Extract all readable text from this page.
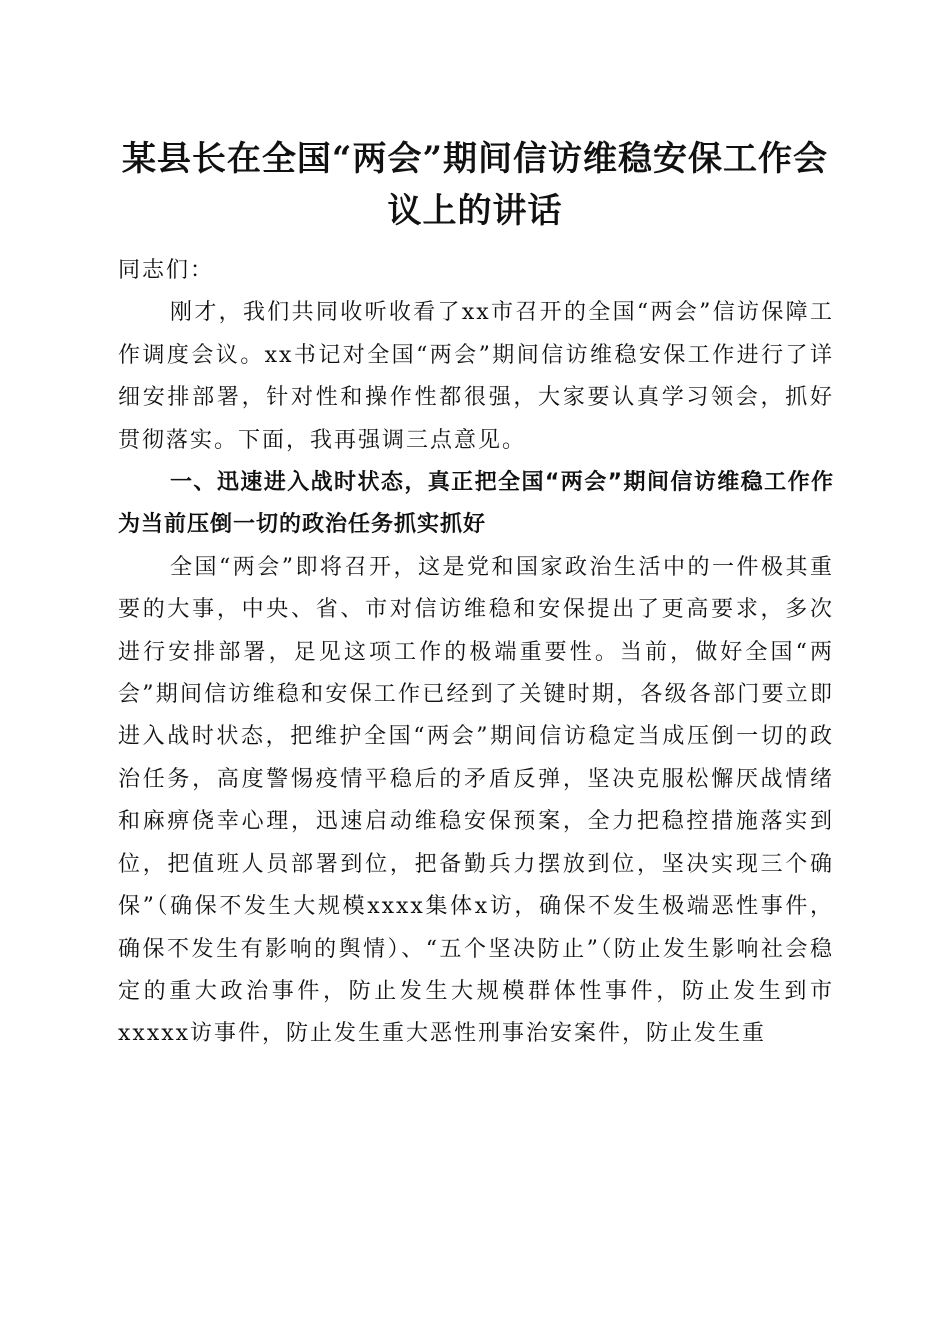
某县长在全国“两会”期间信访维稳安保工作会议上的讲话

同志们：

刚才，我们共同收听收看了xx市召开的全国“两会”信访保障工作调度会议。xx书记对全国“两会”期间信访维稳安保工作进行了详细安排部署，针对性和操作性都很强，大家要认真学习领会，抓好贯彻落实。下面，我再强调三点意见。

一、迅速进入战时状态，真正把全国“两会”期间信访维稳工作作为当前压倒一切的政治任务抓实抓好

全国“两会”即将召开，这是党和国家政治生活中的一件极其重要的大事，中央、省、市对信访维稳和安保提出了更高要求，多次进行安排部署，足见这项工作的极端重要性。当前，做好全国“两会”期间信访维稳和安保工作已经到了关键时期，各级各部门要立即进入战时状态，把维护全国“两会”期间信访稳定当成压倒一切的政治任务，高度警惕疫情平稳后的矛盾反弹，坚决克服松懈厌战情绪和麻痹侥幸心理，迅速启动维稳安保预案，全力把稳控措施落实到位，把值班人员部署到位，把备勤兵力摆放到位，坚决实现三个确保”（确保不发生大规模xxxx集体x访，确保不发生极端恶性事件，确保不发生有影响的舆情）、“五个坚决防止”（防止发生影响社会稳定的重大政治事件，防止发生大规模群体性事件，防止发生到市xxxxx访事件，防止发生重大恶性刑事治安案件，防止发生重
